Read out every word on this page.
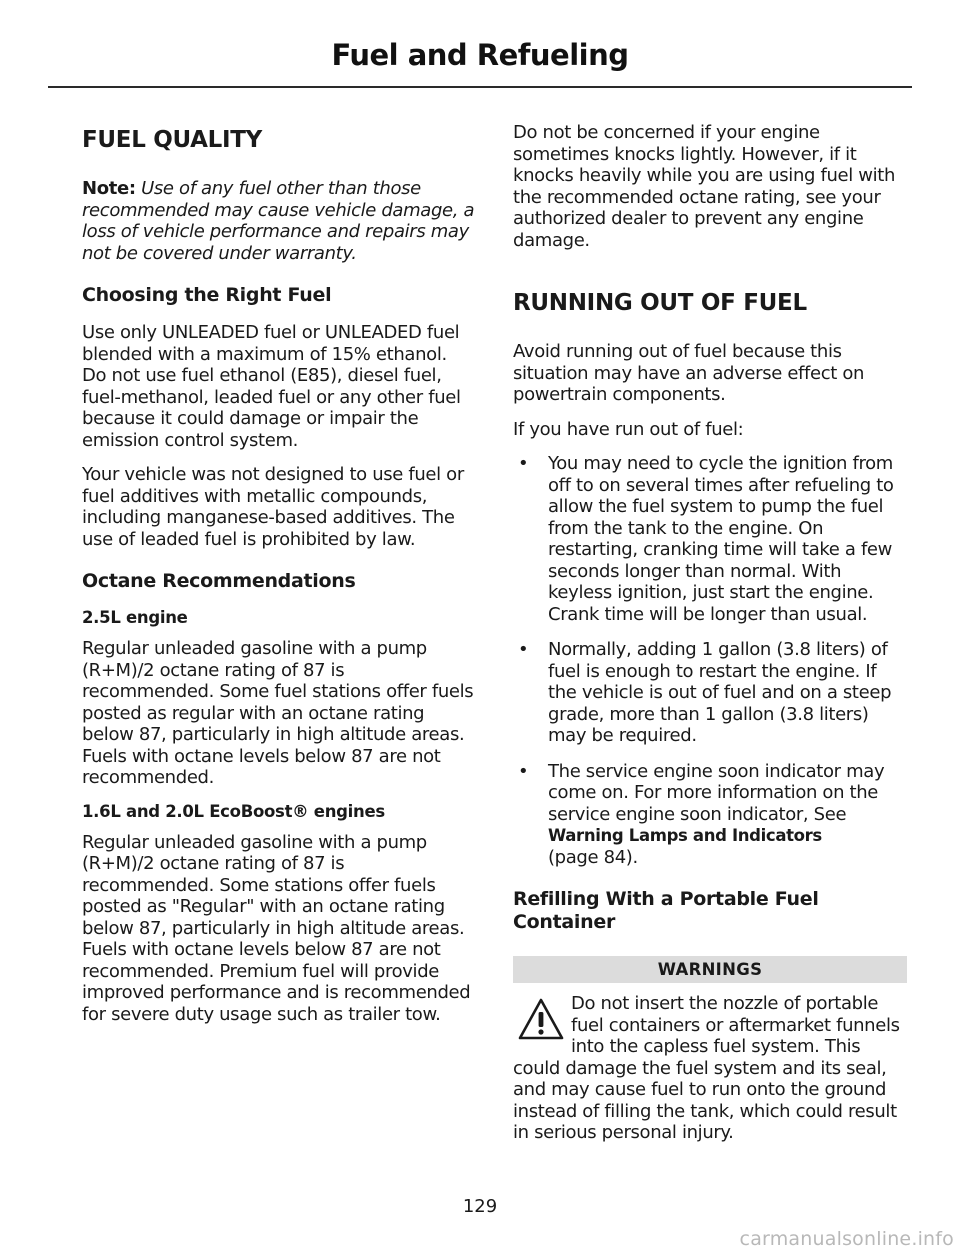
Fuel and Refueling
FUEL QUALITY

Note: Use of any fuel other than those recommended may cause vehicle damage, a loss of vehicle performance and repairs may not be covered under warranty.

Choosing the Right Fuel

Use only UNLEADED fuel or UNLEADED fuel blended with a maximum of 15% ethanol. Do not use fuel ethanol (E85), diesel fuel, fuel-methanol, leaded fuel or any other fuel because it could damage or impair the emission control system.

Your vehicle was not designed to use fuel or fuel additives with metallic compounds, including manganese-based additives. The use of leaded fuel is prohibited by law.

Octane Recommendations
2.5L engine

Regular unleaded gasoline with a pump (R+M)/2 octane rating of 87 is recommended. Some fuel stations offer fuels posted as regular with an octane rating below 87, particularly in high altitude areas. Fuels with octane levels below 87 are not recommended.

1.6L and 2.0L EcoBoost® engines

Regular unleaded gasoline with a pump (R+M)/2 octane rating of 87 is recommended. Some stations offer fuels posted as "Regular" with an octane rating below 87, particularly in high altitude areas. Fuels with octane levels below 87 are not recommended. Premium fuel will provide improved performance and is recommended for severe duty usage such as trailer tow.

Do not be concerned if your engine sometimes knocks lightly. However, if it knocks heavily while you are using fuel with the recommended octane rating, see your authorized dealer to prevent any engine damage.

RUNNING OUT OF FUEL

Avoid running out of fuel because this situation may have an adverse effect on powertrain components.

If you have run out of fuel:

• You may need to cycle the ignition from off to on several times after refueling to allow the fuel system to pump the fuel from the tank to the engine. On restarting, cranking time will take a few seconds longer than normal. With keyless ignition, just start the engine. Crank time will be longer than usual.
• Normally, adding 1 gallon (3.8 liters) of fuel is enough to restart the engine. If the vehicle is out of fuel and on a steep grade, more than 1 gallon (3.8 liters) may be required.
• The service engine soon indicator may come on. For more information on the service engine soon indicator, See
Warning Lamps and Indicators
(page 84).
Refilling With a Portable Fuel Container
WARNINGS
Do not insert the nozzle of portable fuel containers or aftermarket funnels into the capless fuel system. This could damage the fuel system and its seal, and may cause fuel to run onto the ground instead of filling the tank, which could result in serious personal injury.
129
carmanualsonline.info
